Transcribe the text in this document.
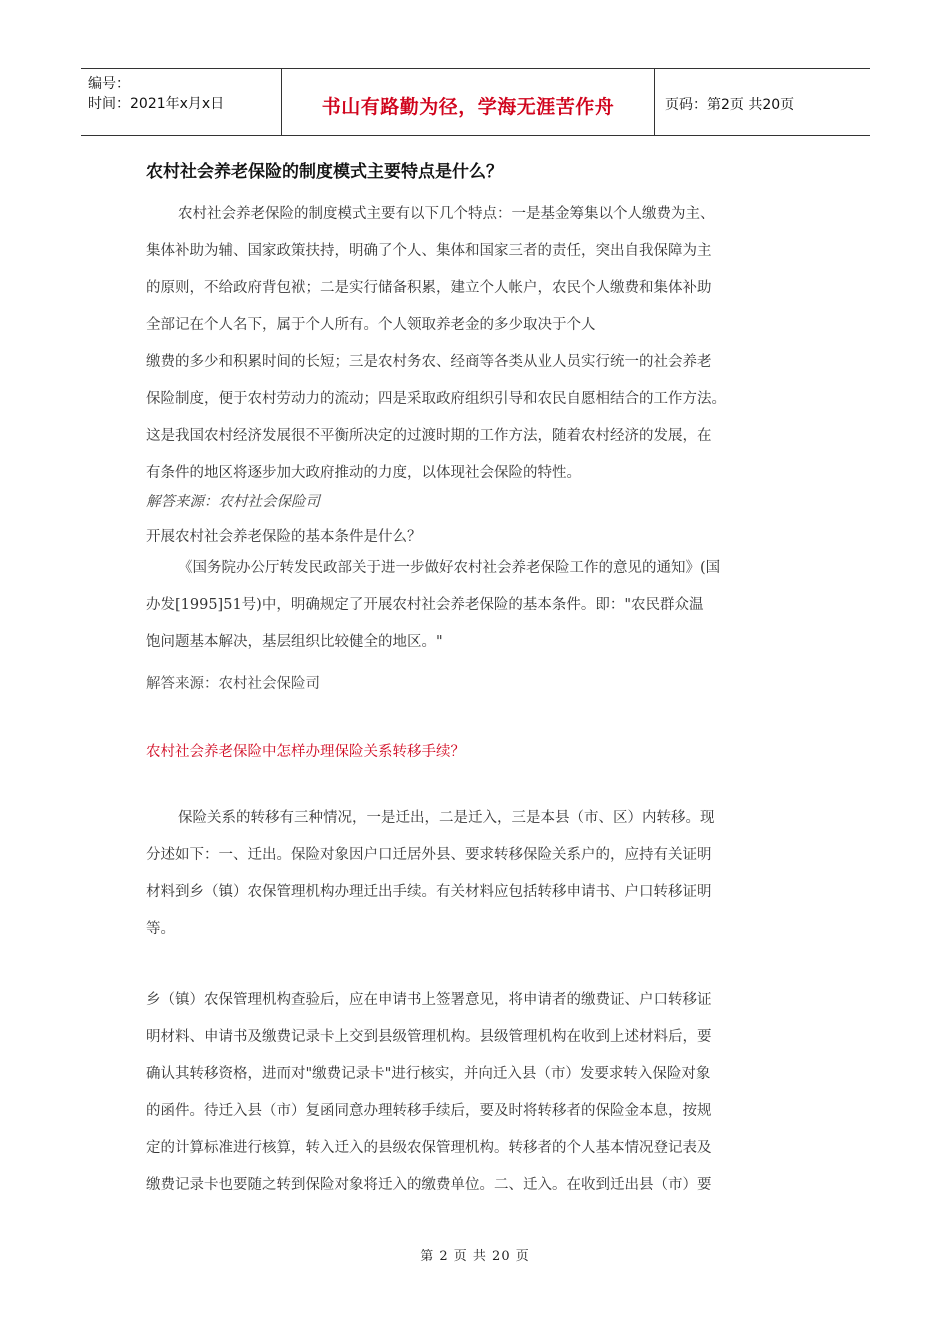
编号：
时间：2021年x月x日	书山有路勤为径，学海无涯苦作舟	页码：第2页 共20页
农村社会养老保险的制度模式主要特点是什么？
农村社会养老保险的制度模式主要有以下几个特点：一是基金筹集以个人缴费为主、
集体补助为辅、国家政策扶持，明确了个人、集体和国家三者的责任，突出自我保障为主
的原则，不给政府背包袱；二是实行储备积累，建立个人帐户，农民个人缴费和集体补助
全部记在个人名下，属于个人所有。个人领取养老金的多少取决于个人
缴费的多少和积累时间的长短；三是农村务农、经商等各类从业人员实行统一的社会养老
保险制度，便于农村劳动力的流动；四是采取政府组织引导和农民自愿相结合的工作方法。
这是我国农村经济发展很不平衡所决定的过渡时期的工作方法，随着农村经济的发展，在
有条件的地区将逐步加大政府推动的力度，以体现社会保险的特性。
解答来源：农村社会保险司
开展农村社会养老保险的基本条件是什么？
《国务院办公厅转发民政部关于进一步做好农村社会养老保险工作的意见的通知》(国
办发[1995]51号)中，明确规定了开展农村社会养老保险的基本条件。即："农民群众温
饱问题基本解决，基层组织比较健全的地区。"
解答来源：农村社会保险司
农村社会养老保险中怎样办理保险关系转移手续？
保险关系的转移有三种情况，一是迁出，二是迁入，三是本县（市、区）内转移。现
分述如下：一、迁出。保险对象因户口迁居外县、要求转移保险关系户的，应持有关证明
材料到乡（镇）农保管理机构办理迁出手续。有关材料应包括转移申请书、户口转移证明
等。
乡（镇）农保管理机构查验后，应在申请书上签署意见，将申请者的缴费证、户口转移证
明材料、申请书及缴费记录卡上交到县级管理机构。县级管理机构在收到上述材料后，要
确认其转移资格，进而对"缴费记录卡"进行核实，并向迁入县（市）发要求转入保险对象
的函件。待迁入县（市）复函同意办理转移手续后，要及时将转移者的保险金本息，按规
定的计算标准进行核算，转入迁入的县级农保管理机构。转移者的个人基本情况登记表及
缴费记录卡也要随之转到保险对象将迁入的缴费单位。二、迁入。在收到迁出县（市）要
第 2 页 共 20 页
